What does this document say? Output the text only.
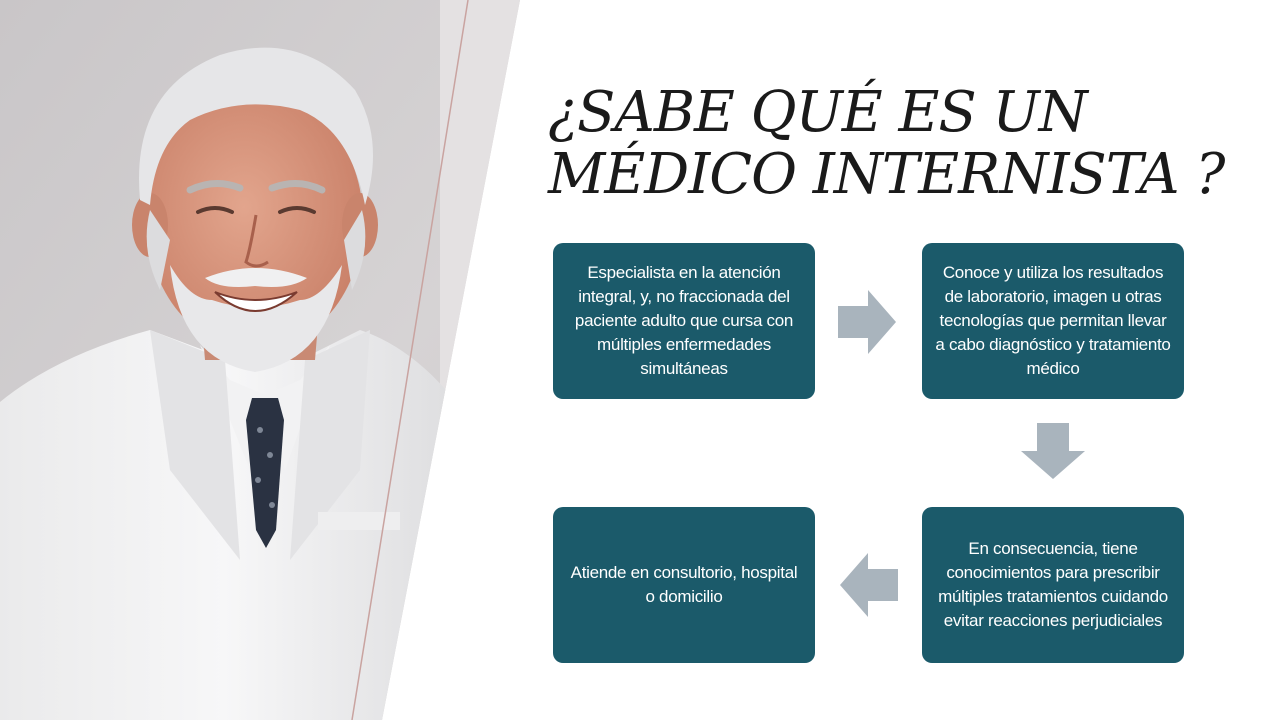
¿SABE QUÉ ES UN
MÉDICO INTERNISTA ?
Especialista en la atención integral, y, no fraccionada del paciente adulto que cursa con múltiples enfermedades simultáneas
Conoce y utiliza los resultados de laboratorio, imagen u otras tecnologías que permitan llevar a cabo diagnóstico y tratamiento médico
En consecuencia, tiene conocimientos para prescribir múltiples tratamientos cuidando evitar reacciones perjudiciales
Atiende en consultorio, hospital o domicilio
